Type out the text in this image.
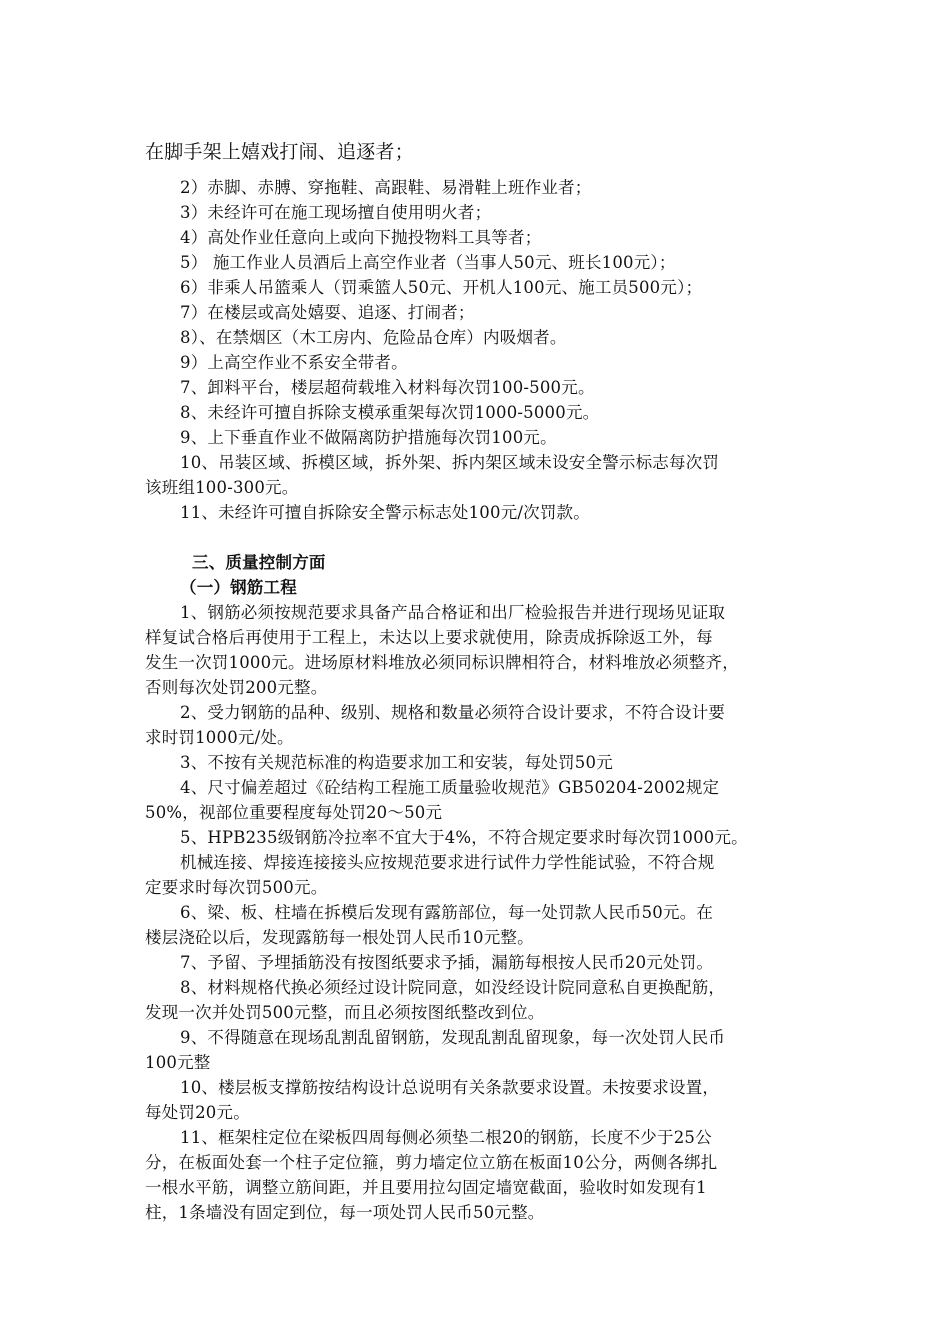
在脚手架上嬉戏打闹、追逐者；
2）赤脚、赤膊、穿拖鞋、高跟鞋、易滑鞋上班作业者；
3）未经许可在施工现场擅自使用明火者；
4）高处作业任意向上或向下抛投物料工具等者；
5） 施工作业人员酒后上高空作业者（当事人50元、班长100元）；
6）非乘人吊篮乘人（罚乘篮人50元、开机人100元、施工员500元）；
7）在楼层或高处嬉耍、追逐、打闹者；
8）、在禁烟区（木工房内、危险品仓库）内吸烟者。
9）上高空作业不系安全带者。
7、卸料平台，楼层超荷载堆入材料每次罚100-500元。
8、未经许可擅自拆除支模承重架每次罚1000-5000元。
9、上下垂直作业不做隔离防护措施每次罚100元。
10、吊装区域、拆模区域，拆外架、拆内架区域未设安全警示标志每次罚
该班组100-300元。
11、未经许可擅自拆除安全警示标志处100元/次罚款。
三、质量控制方面
（一）钢筋工程
1、钢筋必须按规范要求具备产品合格证和出厂检验报告并进行现场见证取
样复试合格后再使用于工程上，未达以上要求就使用，除责成拆除返工外，每
发生一次罚1000元。进场原材料堆放必须同标识牌相符合，材料堆放必须整齐，
否则每次处罚200元整。
2、受力钢筋的品种、级别、规格和数量必须符合设计要求，不符合设计要
求时罚1000元/处。
3、不按有关规范标准的构造要求加工和安装，每处罚50元
4、尺寸偏差超过《砼结构工程施工质量验收规范》GB50204-2002规定
50%，视部位重要程度每处罚20～50元
5、HPB235级钢筋冷拉率不宜大于4%，不符合规定要求时每次罚1000元。
机械连接、焊接连接接头应按规范要求进行试件力学性能试验，不符合规
定要求时每次罚500元。
6、梁、板、柱墙在拆模后发现有露筋部位，每一处罚款人民币50元。在
楼层浇砼以后，发现露筋每一根处罚人民币10元整。
7、予留、予埋插筋没有按图纸要求予插，漏筋每根按人民币20元处罚。
8、材料规格代换必须经过设计院同意，如没经设计院同意私自更换配筋，
发现一次并处罚500元整，而且必须按图纸整改到位。
9、不得随意在现场乱割乱留钢筋，发现乱割乱留现象，每一次处罚人民币
100元整
10、楼层板支撑筋按结构设计总说明有关条款要求设置。未按要求设置，
每处罚20元。
11、框架柱定位在梁板四周每侧必须垫二根20的钢筋，长度不少于25公
分，在板面处套一个柱子定位箍，剪力墙定位立筋在板面10公分，两侧各绑扎
一根水平筋，调整立筋间距，并且要用拉勾固定墙宽截面，验收时如发现有1
柱，1条墙没有固定到位，每一项处罚人民币50元整。
